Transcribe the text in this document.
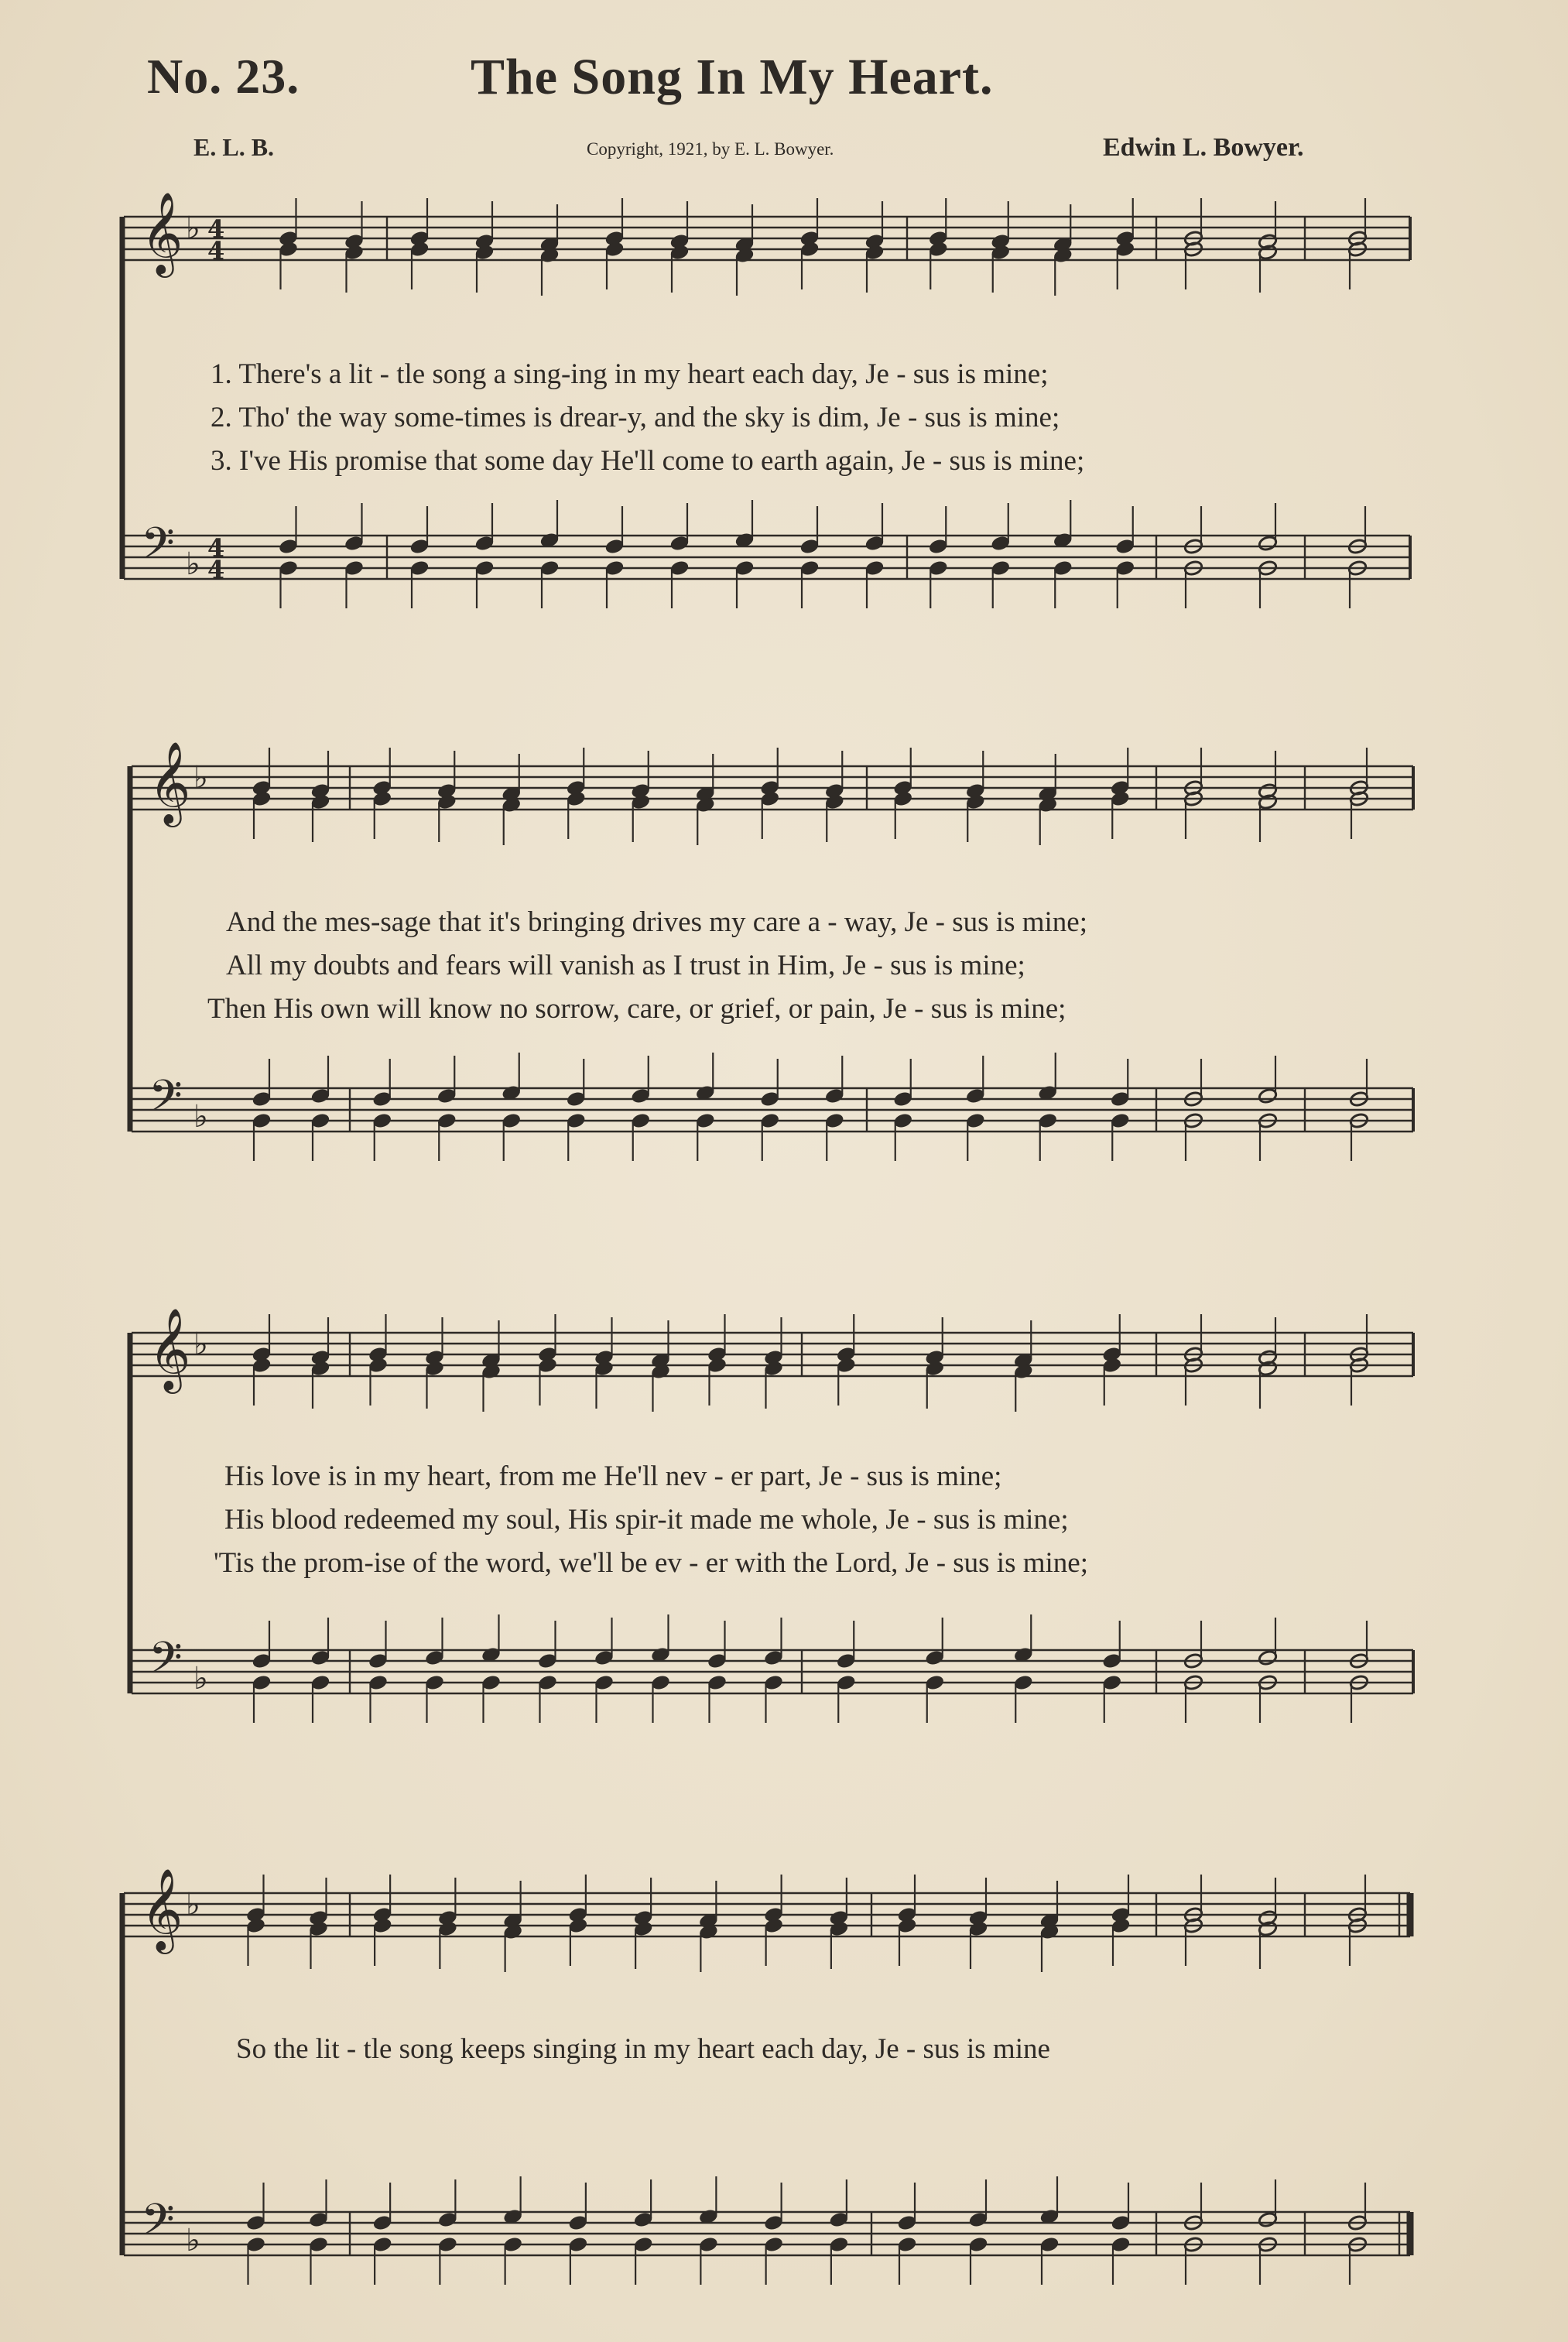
No. 23.	The Song In My Heart.
E. L. B.	Copyright, 1921, by E. L. Bowyer.	Edwin L. Bowyer.
𝄞
𝄢
♭
♭
4
4
4
4
𝄞
𝄢
♭
♭
𝄞
𝄢
♭
♭
𝄞
𝄢
♭
♭
1. There's a lit - tle song a sing-ing in my heart each day, Je - sus is mine;
2. Tho' the way some-times is drear-y, and the sky is dim, Je - sus is mine;
3. I've His promise that some day He'll come to earth again, Je - sus is mine;
And the mes-sage that it's bringing drives my care a - way, Je - sus is mine;
All my doubts and fears will vanish as I trust in Him, Je - sus is mine;
Then His own will know no sorrow, care, or grief, or pain, Je - sus is mine;
His love is in my heart, from me He'll nev - er part, Je - sus is mine;
His blood redeemed my soul, His spir-it made me whole, Je - sus is mine;
'Tis the prom-ise of the word, we'll be ev - er with the Lord, Je - sus is mine;
So the lit - tle song keeps singing in my heart each day, Je - sus is mine
